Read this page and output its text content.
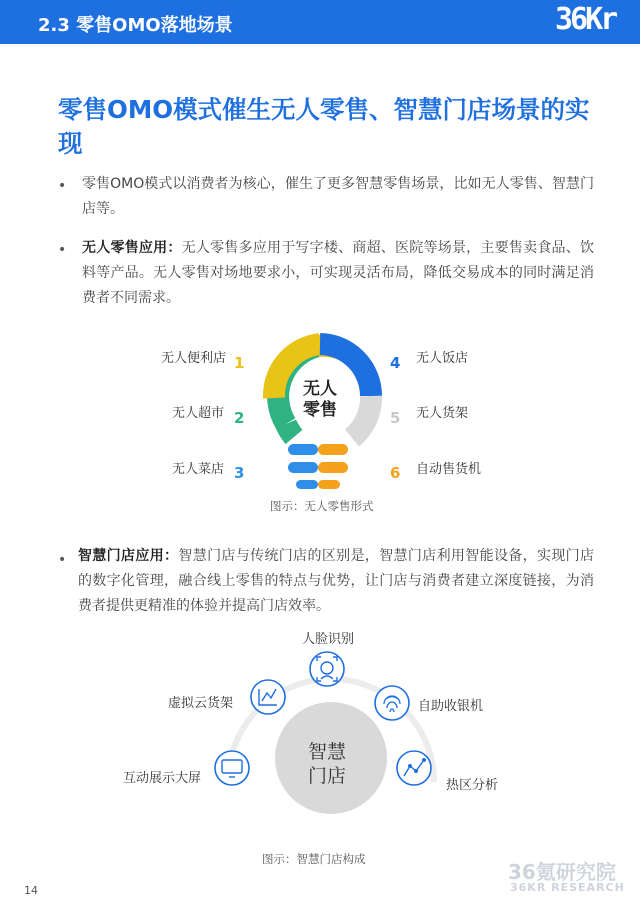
2.3 零售OMO落地场景	36Kr
零售OMO模式催生无人零售、智慧门店场景的实现
• 零售OMO模式以消费者为核心，催生了更多智慧零售场景，比如无人零售、智慧门店等。
• 无人零售应用：无人零售多应用于写字楼、商超、医院等场景，主要售卖食品、饮料等产品。无人零售对场地要求小，可实现灵活布局，降低交易成本的同时满足消费者不同需求。
无人
零售
无人便利店 1
无人超市 2
无人菜店 3
4 无人饭店
5 无人货架
6 自动售货机
图示：无人零售形式
• 智慧门店应用：智慧门店与传统门店的区别是，智慧门店利用智能设备，实现门店的数字化管理，融合线上零售的特点与优势，让门店与消费者建立深度链接，为消费者提供更精准的体验并提高门店效率。
智慧
门店
人脸识别
自助收银机
热区分析
虚拟云货架
互动展示大屏
图示：智慧门店构成
14
36氪研究院
36KR RESEARCH
